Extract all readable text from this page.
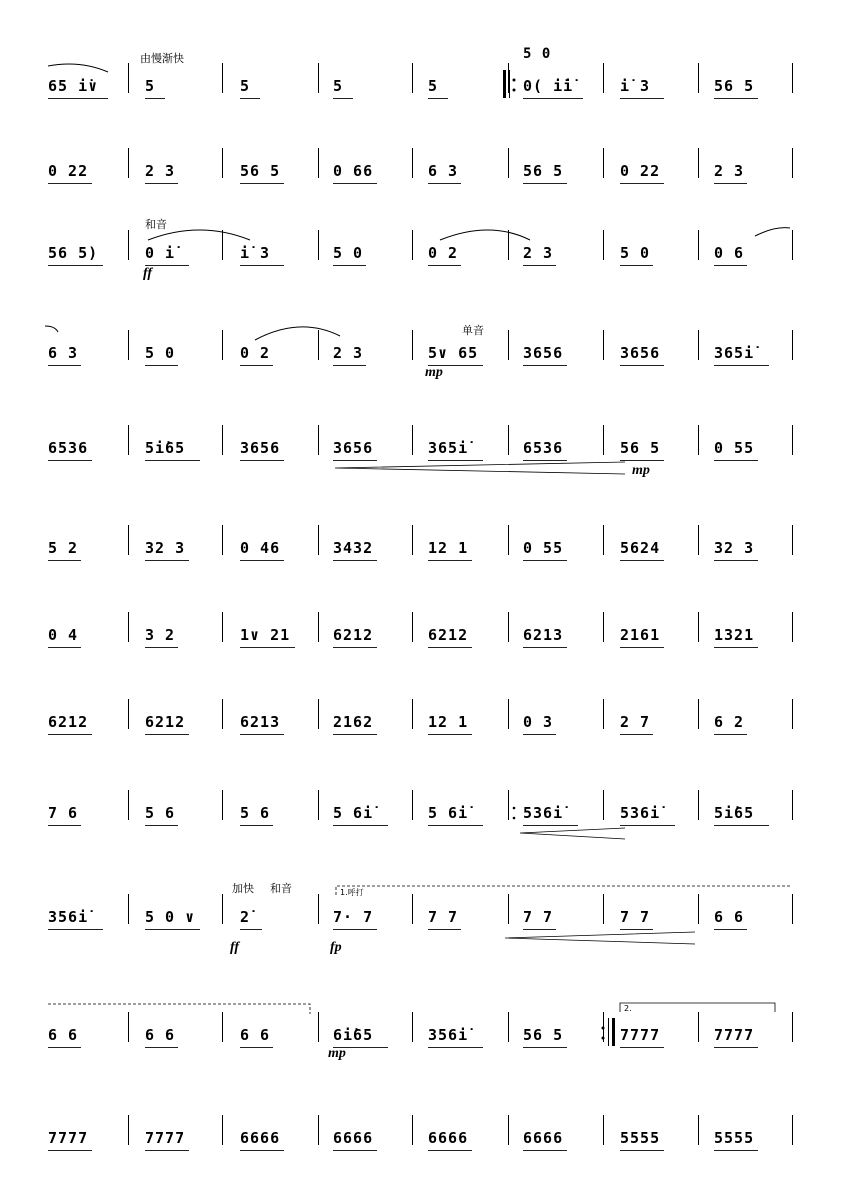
65 i̇∨	5	5	5	5	0( i̇i̇	i̇ 3	56 5
0 22	2 3	56 5	0 66	6 3	56 5	0 22	2 3
56 5)	0 i̇	i̇ 3	5 0	0 2	2 3	5 0	0 6
6 3	5 0	0 2	2 3	5∨ 65	3656	3656	365i̇
6536	5i̇65	3656	3656	365i̇	6536	56 5	0 55
5 2	32 3	0 46	3432	12 1	0 55	5624	32 3
0 4	3 2	1∨ 21	6212	6212	6213	2161	1321
6212	6212	6213	2162	12 1	0 3	2 7	6 2
7 6	5 6	5 6	5 6i̇	5 6i̇	536i̇	536i̇	5i̇65
356i̇	5 0 ∨	2̇	7· 7	7 7	7 7	7 7	6 6
6 6	6 6	6 6	6i̇65	356i̇	56 5	7777	7777
7777	7777	6666	6666	6666	6666	5555	5555
由慢渐快	5 0
和音
单音
加快 和音	1.呼打
2.
ff
mp
mp
ff	fp
mp
